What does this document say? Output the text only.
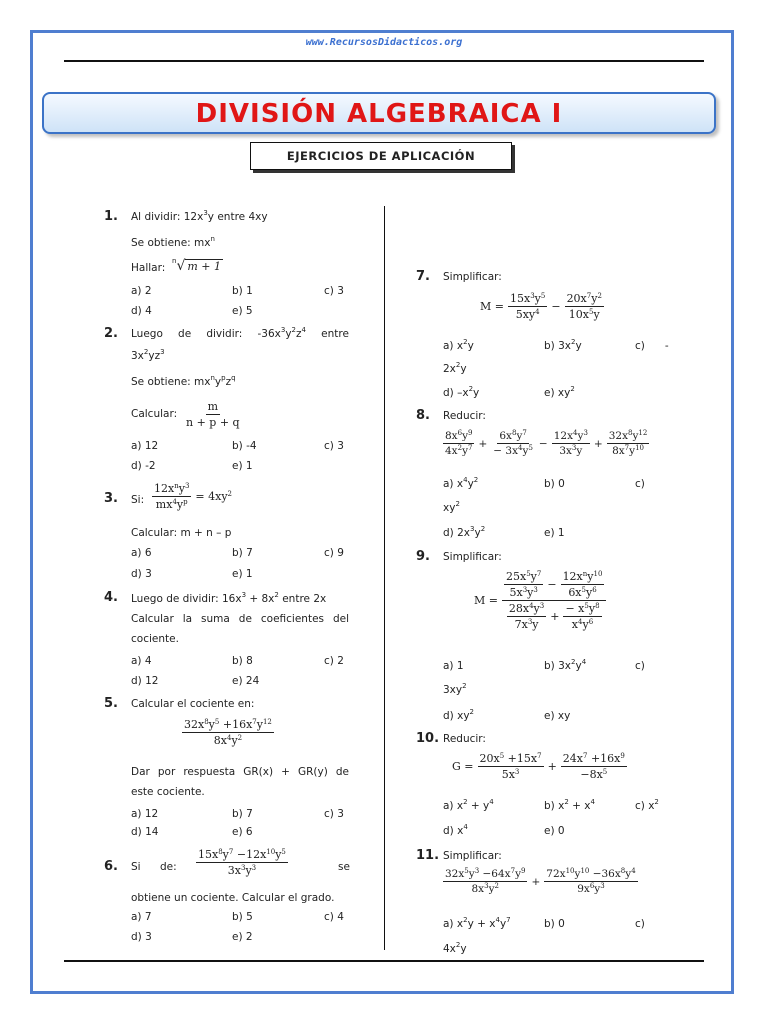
www.RecursosDidacticos.org
DIVISIÓN ALGEBRAICA I
EJERCICIOS DE APLICACIÓN
1. Al dividir: $12x^3y$ entre 4xy
Se obtiene: $mx^n$
Hallar:
$^n$√ m + 1
a) 2	b) 1	c) 3
d) 4	e) 5
2. Luego de dividir: $-36x^3y^2z^4$ entre
$3x^2yz^3$
Se obtiene: $mx^ny^pz^q$
Calcular: $\frac{m}{n + p + q}$
a) 12	b) -4	c) 3
d) -2	e) 1
3. Si: $\frac{12x^ny^3}{mx^4y^p} = 4xy^2$
Calcular: m + n – p
a) 6	b) 7	c) 9
d) 3	e) 1
4. Luego de dividir: $16x^3 + 8x^2$ entre 2x
Calcular la suma de coeficientes del
cociente.
a) 4	b) 8	c) 2
d) 12	e) 24
5. Calcular el cociente en:
$\frac{32x^8y^5 +16x^7y^{12}}{8x^4y^2}$
Dar por respuesta GR(x) + GR(y) de
este cociente.
a) 12	b) 7	c) 3
d) 14	e) 6
6. Si de: $\frac{15x^8y^7 -12x^{10}y^5}{3x^3y^3}$	se
obtiene un cociente. Calcular el grado.
a) 7	b) 5	c) 4
d) 3	e) 2
7. Simplificar:
$M = \frac{15x^3y^5}{5xy^4} - \frac{20x^7y^2}{10x^5y}$
a) $x^2y$	b) $3x^2y$	c) -
$2x^2y$
d) $-x^2y$	e) $xy^2$
8. Reducir:
$\frac{8x^6y^9}{4x^2y^7} + \frac{6x^8y^7}{- 3x^4y^5} - \frac{12x^4y^3}{3x^3y} + \frac{32x^8y^{12}}{8x^7y^{10}}$
a) $x^4y^2$	b) 0	c)
$xy^2$
d) $2x^3y^2$	e) 1
9. Simplificar:
$M = \frac{\frac{25x^5y^7}{5x^3y^3} - \frac{12x^ny^{10}}{6x^5y^6}}{\frac{28x^4y^3}{7x^3y} + \frac{- x^5y^8}{x^4y^6}}$
a) 1	b) $3x^2y^4$	c)
$3xy^2$
d) $xy^2$	e) xy
10. Reducir:
$G = \frac{20x^5 +15x^7}{5x^3} + \frac{24x^7 +16x^9}{-8x^5}$
a) $x^2 + y^4$	b) $x^2 + x^4$	c) $x^2$
d) $x^4$	e) 0
11. Simplificar:
$\frac{32x^5y^3 -64x^7y^9}{8x^3y^2} + \frac{72x^{10}y^{10} -36x^8y^4}{9x^6y^3}$
a) $x^2y + x^4y^7$	b) 0	c)
$4x^2y$
